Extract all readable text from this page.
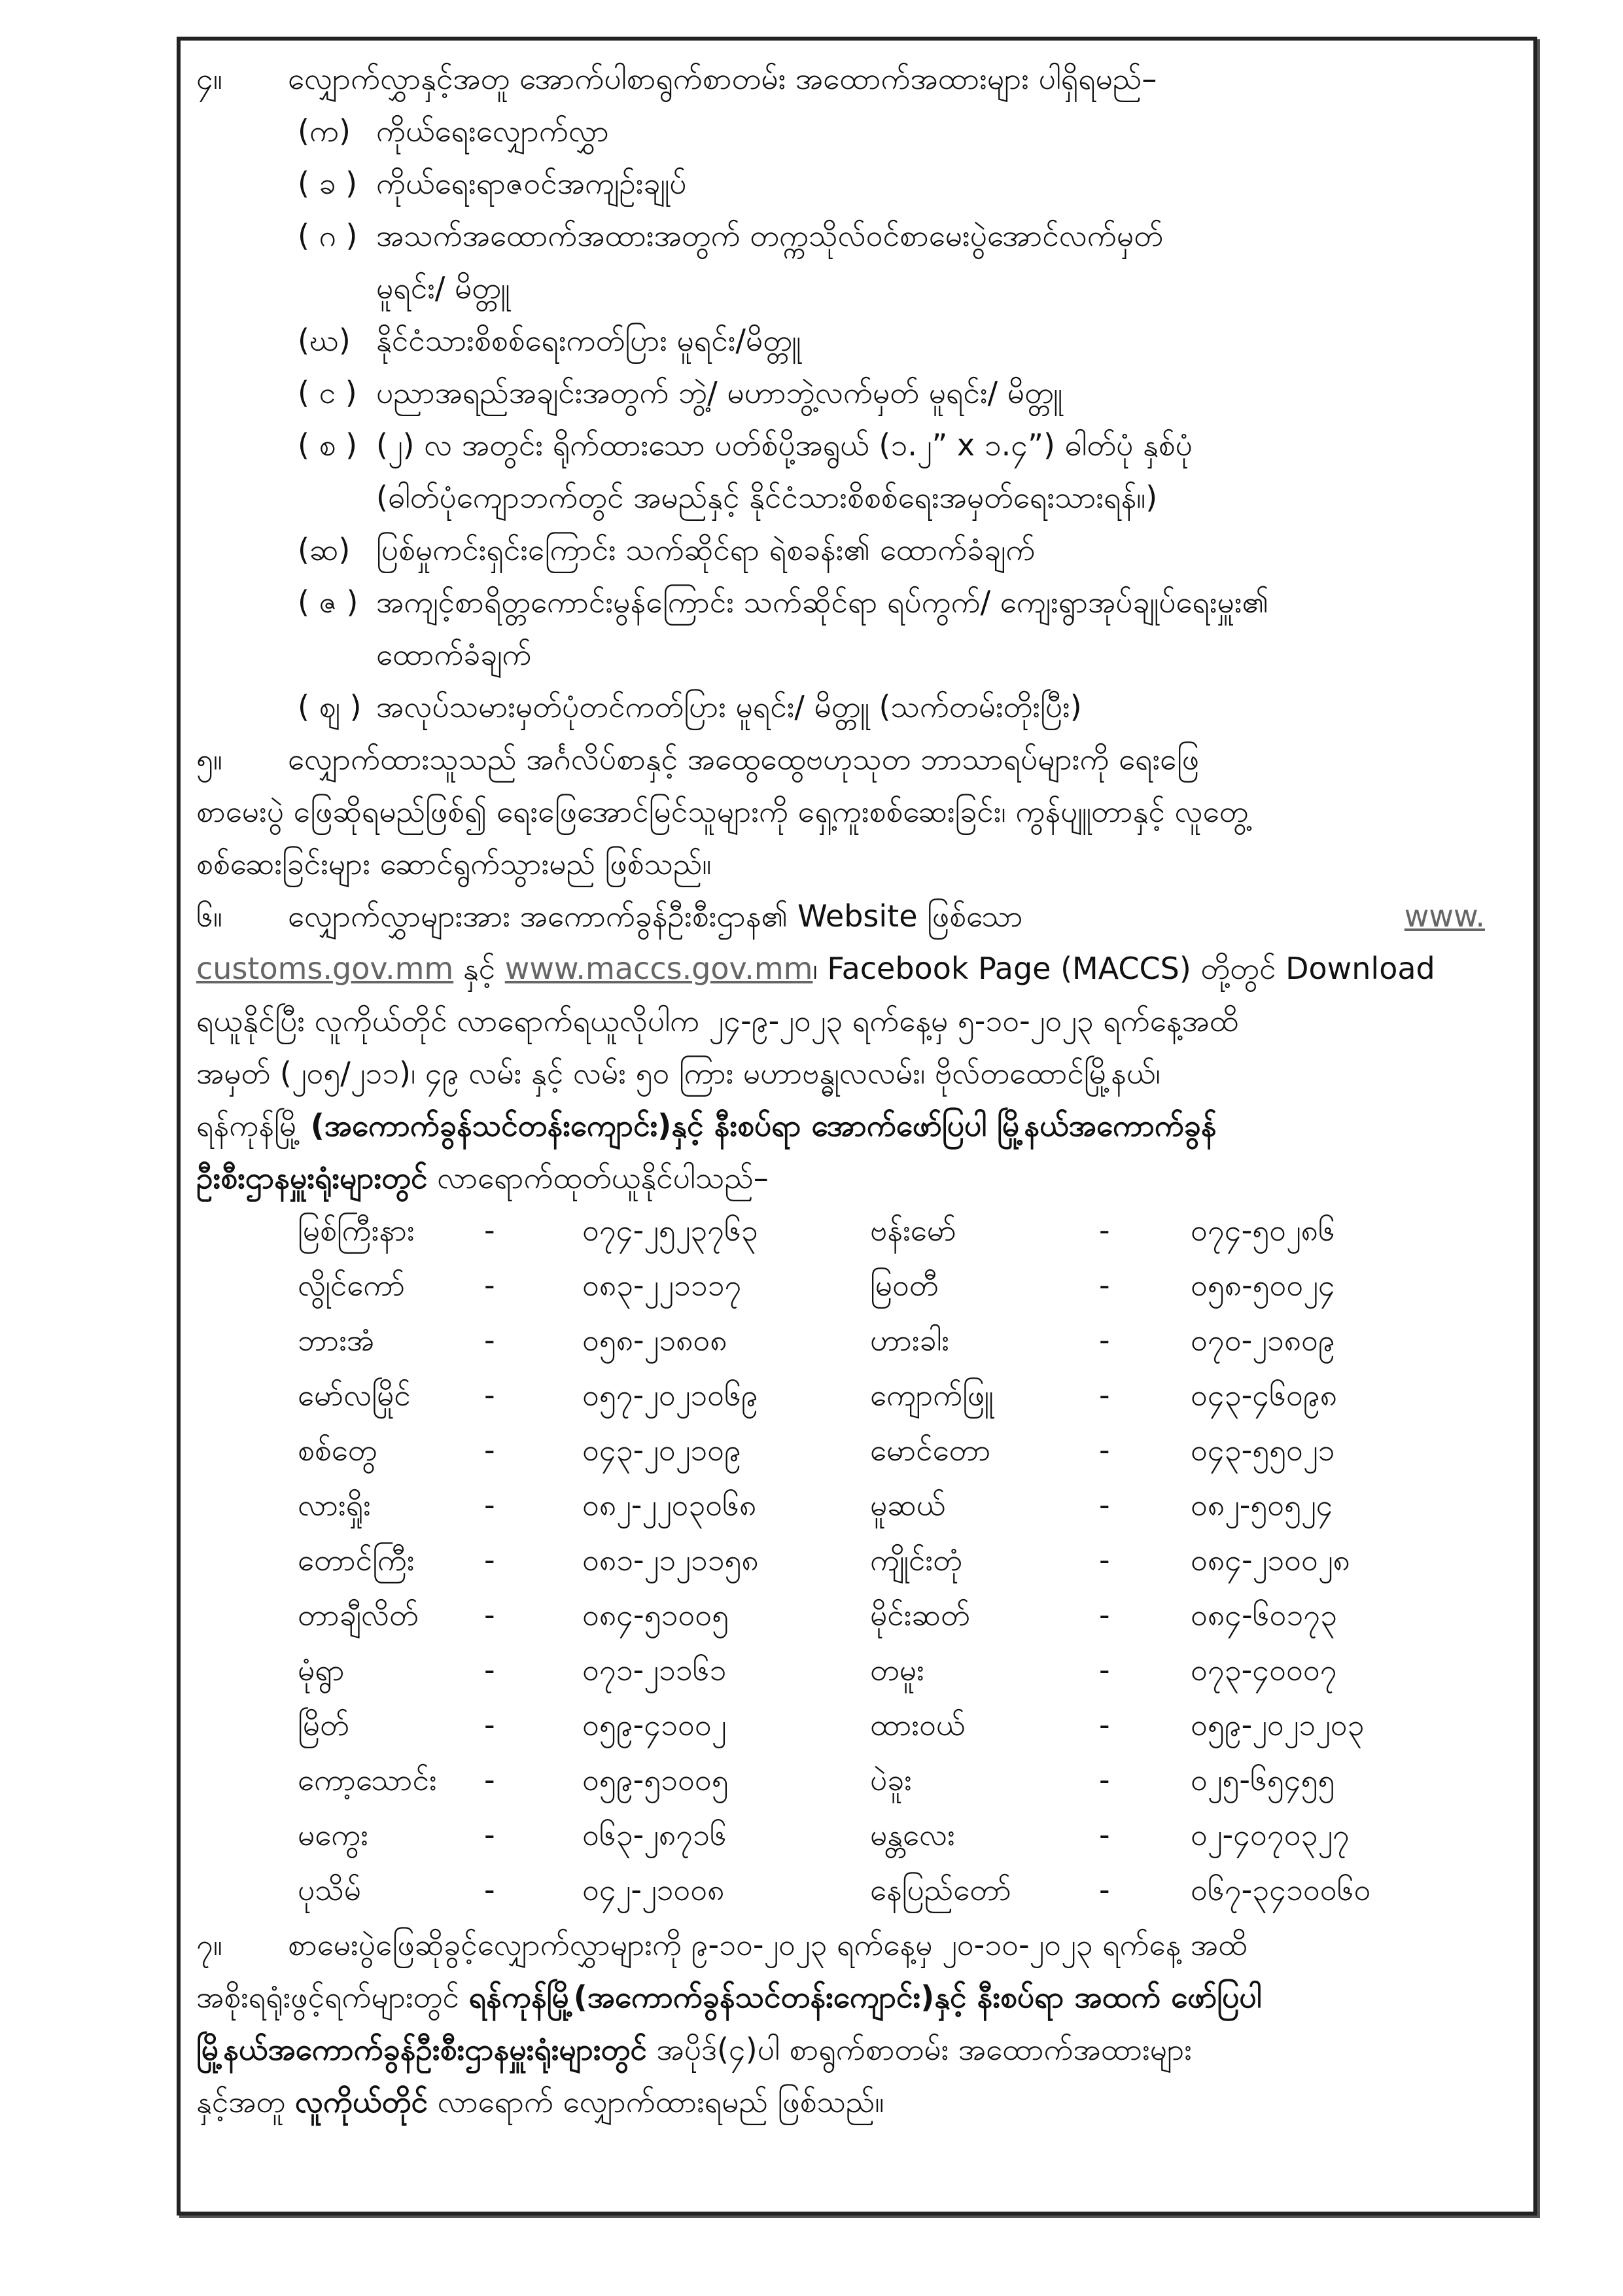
၄။	လျှောက်လွှာနှင့်အတူ အောက်ပါစာရွက်စာတမ်း အထောက်အထားများ ပါရှိရမည်–
(က) ကိုယ်ရေးလျှောက်လွှာ
( ခ ) ကိုယ်ရေးရာဇဝင်အကျဉ်းချုပ်
( ဂ ) အသက်အထောက်အထားအတွက် တက္ကသိုလ်ဝင်စာမေးပွဲအောင်လက်မှတ်
မူရင်း/ မိတ္တူ
(ဃ) နိုင်ငံသားစိစစ်ရေးကတ်ပြား မူရင်း/မိတ္တူ
( င ) ပညာအရည်အချင်းအတွက် ဘွဲ့/ မဟာဘွဲ့လက်မှတ် မူရင်း/ မိတ္တူ
( စ ) (၂) လ အတွင်း ရိုက်ထားသော ပတ်စ်ပို့အရွယ် (၁.၂” x ၁.၄”) ဓါတ်ပုံ နှစ်ပုံ
(ဓါတ်ပုံကျောဘက်တွင် အမည်နှင့် နိုင်ငံသားစိစစ်ရေးအမှတ်ရေးသားရန်။)
(ဆ) ပြစ်မှုကင်းရှင်းကြောင်း သက်ဆိုင်ရာ ရဲစခန်း၏ ထောက်ခံချက်
( ဇ ) အကျင့်စာရိတ္တကောင်းမွန်ကြောင်း သက်ဆိုင်ရာ ရပ်ကွက်/ ကျေးရွာအုပ်ချုပ်ရေးမှူး၏
ထောက်ခံချက်
( ဈ ) အလုပ်သမားမှတ်ပုံတင်ကတ်ပြား မူရင်း/ မိတ္တူ (သက်တမ်းတိုးပြီး)
၅။	လျှောက်ထားသူသည် အင်္ဂလိပ်စာနှင့် အထွေထွေဗဟုသုတ ဘာသာရပ်များကို ရေးဖြေ
စာမေးပွဲ ဖြေဆိုရမည်ဖြစ်၍ ရေးဖြေအောင်မြင်သူများကို ရှေ့ကူးစစ်ဆေးခြင်း၊ ကွန်ပျူတာနှင့် လူတွေ့
စစ်ဆေးခြင်းများ ဆောင်ရွက်သွားမည် ဖြစ်သည်။
၆။	လျှောက်လွှာများအား အကောက်ခွန်ဦးစီးဌာန၏ Website ဖြစ်သော	www.
customs.gov.mm နှင့် www.maccs.gov.mm၊ Facebook Page (MACCS) တို့တွင် Download
ရယူနိုင်ပြီး လူကိုယ်တိုင် လာရောက်ရယူလိုပါက ၂၄-၉-၂၀၂၃ ရက်နေ့မှ ၅-၁၀-၂၀၂၃ ရက်နေ့အထိ
အမှတ် (၂၀၅/၂၁၁)၊ ၄၉ လမ်း နှင့် လမ်း ၅၀ ကြား မဟာဗန္ဓုလလမ်း၊ ဗိုလ်တထောင်မြို့နယ်၊
ရန်ကုန်မြို့ (အကောက်ခွန်သင်တန်းကျောင်း)နှင့် နီးစပ်ရာ အောက်ဖော်ပြပါ မြို့နယ်အကောက်ခွန်
ဦးစီးဌာနမှူးရုံးများတွင် လာရောက်ထုတ်ယူနိုင်ပါသည်–
မြစ်ကြီးနား -	၀၇၄-၂၅၂၃၇၆၃	ဗန်းမော်	-	၀၇၄-၅၀၂၈၆
လွိုင်ကော်	-	၀၈၃-၂၂၁၁၁၇	မြဝတီ	-	၀၅၈-၅၀၀၂၄
ဘားအံ	-	၀၅၈-၂၁၈၀၈	ဟားခါး	-	၀၇၀-၂၁၈၀၉
မော်လမြိုင် -	၀၅၇-၂၀၂၁၀၆၉	ကျောက်ဖြူ	-	၀၄၃-၄၆၀၉၈
စစ်တွေ	-	၀၄၃-၂၀၂၁၀၉	မောင်တော	-	၀၄၃-၅၅၀၂၁
လားရှိုး	-	၀၈၂-၂၂၀၃၀၆၈	မူဆယ်	-	၀၈၂-၅၀၅၂၄
တောင်ကြီး -	၀၈၁-၂၁၂၁၁၅၈	ကျိုင်းတုံ	-	၀၈၄-၂၁၀၀၂၈
တာချီလိတ် -	၀၈၄-၅၁၀၀၅	မိုင်းဆတ်	-	၀၈၄-၆၀၁၇၃
မုံရွာ	-	၀၇၁-၂၁၁၆၁	တမူး	-	၀၇၃-၄၀၀၀၇
မြိတ်	-	၀၅၉-၄၁၀၀၂	ထားဝယ်	-	၀၅၉-၂၀၂၁၂၀၃
ကော့သောင်း -	၀၅၉-၅၁၀၀၅	ပဲခူး	-	၀၂၅-၆၅၄၅၅
မကွေး	-	၀၆၃-၂၈၇၁၆	မန္တလေး	-	၀၂-၄၀၇၀၃၂၇
ပုသိမ်	-	၀၄၂-၂၁၀၀၈	နေပြည်တော်	-	၀၆၇-၃၄၁၀၀၆၀
၇။	စာမေးပွဲဖြေဆိုခွင့်လျှောက်လွှာများကို ၉-၁၀-၂၀၂၃ ရက်နေ့မှ ၂၀-၁၀-၂၀၂၃ ရက်နေ့ အထိ
အစိုးရရုံးဖွင့်ရက်များတွင် ရန်ကုန်မြို့(အကောက်ခွန်သင်တန်းကျောင်း)နှင့် နီးစပ်ရာ အထက် ဖော်ပြပါ
မြို့နယ်အကောက်ခွန်ဦးစီးဌာနမှူးရုံးများတွင် အပိုဒ်(၄)ပါ စာရွက်စာတမ်း အထောက်အထားများ
နှင့်အတူ လူကိုယ်တိုင် လာရောက် လျှောက်ထားရမည် ဖြစ်သည်။
